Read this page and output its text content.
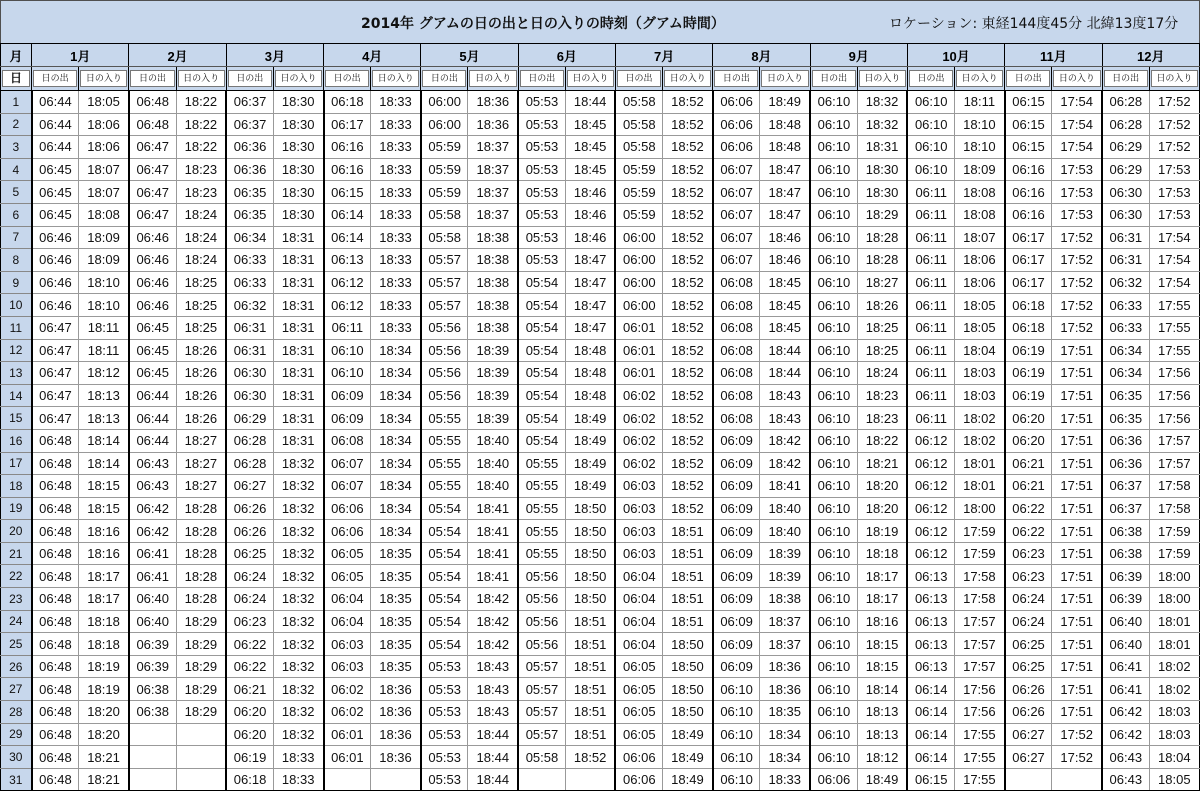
2014年 グアムの日の出と日の入りの時刻（グアム時間）	ロケーション: 東経144度45分 北緯13度17分
月	1月		2月		3月		4月		5月		6月		7月		8月		9月		10月		11月		12月	

日	日の出	日の入り	日の出	日の入り	日の出	日の入り	日の出	日の入り	日の出	日の入り	日の出	日の入り	日の出	日の入り	日の出	日の入り	日の出	日の入り	日の出	日の入り	日の出	日の入り	日の出	日の入り

1	06:44	18:05	06:48	18:22	06:37	18:30	06:18	18:33	06:00	18:36	05:53	18:44	05:58	18:52	06:06	18:49	06:10	18:32	06:10	18:11	06:15	17:54	06:28	17:52
2	06:44	18:06	06:48	18:22	06:37	18:30	06:17	18:33	06:00	18:36	05:53	18:45	05:58	18:52	06:06	18:48	06:10	18:32	06:10	18:10	06:15	17:54	06:28	17:52
3	06:44	18:06	06:47	18:22	06:36	18:30	06:16	18:33	05:59	18:37	05:53	18:45	05:58	18:52	06:06	18:48	06:10	18:31	06:10	18:10	06:15	17:54	06:29	17:52
4	06:45	18:07	06:47	18:23	06:36	18:30	06:16	18:33	05:59	18:37	05:53	18:45	05:59	18:52	06:07	18:47	06:10	18:30	06:10	18:09	06:16	17:53	06:29	17:53
5	06:45	18:07	06:47	18:23	06:35	18:30	06:15	18:33	05:59	18:37	05:53	18:46	05:59	18:52	06:07	18:47	06:10	18:30	06:11	18:08	06:16	17:53	06:30	17:53
6	06:45	18:08	06:47	18:24	06:35	18:30	06:14	18:33	05:58	18:37	05:53	18:46	05:59	18:52	06:07	18:47	06:10	18:29	06:11	18:08	06:16	17:53	06:30	17:53
7	06:46	18:09	06:46	18:24	06:34	18:31	06:14	18:33	05:58	18:38	05:53	18:46	06:00	18:52	06:07	18:46	06:10	18:28	06:11	18:07	06:17	17:52	06:31	17:54
8	06:46	18:09	06:46	18:24	06:33	18:31	06:13	18:33	05:57	18:38	05:53	18:47	06:00	18:52	06:07	18:46	06:10	18:28	06:11	18:06	06:17	17:52	06:31	17:54
9	06:46	18:10	06:46	18:25	06:33	18:31	06:12	18:33	05:57	18:38	05:54	18:47	06:00	18:52	06:08	18:45	06:10	18:27	06:11	18:06	06:17	17:52	06:32	17:54
10	06:46	18:10	06:46	18:25	06:32	18:31	06:12	18:33	05:57	18:38	05:54	18:47	06:00	18:52	06:08	18:45	06:10	18:26	06:11	18:05	06:18	17:52	06:33	17:55
11	06:47	18:11	06:45	18:25	06:31	18:31	06:11	18:33	05:56	18:38	05:54	18:47	06:01	18:52	06:08	18:45	06:10	18:25	06:11	18:05	06:18	17:52	06:33	17:55
12	06:47	18:11	06:45	18:26	06:31	18:31	06:10	18:34	05:56	18:39	05:54	18:48	06:01	18:52	06:08	18:44	06:10	18:25	06:11	18:04	06:19	17:51	06:34	17:55
13	06:47	18:12	06:45	18:26	06:30	18:31	06:10	18:34	05:56	18:39	05:54	18:48	06:01	18:52	06:08	18:44	06:10	18:24	06:11	18:03	06:19	17:51	06:34	17:56
14	06:47	18:13	06:44	18:26	06:30	18:31	06:09	18:34	05:56	18:39	05:54	18:48	06:02	18:52	06:08	18:43	06:10	18:23	06:11	18:03	06:19	17:51	06:35	17:56
15	06:47	18:13	06:44	18:26	06:29	18:31	06:09	18:34	05:55	18:39	05:54	18:49	06:02	18:52	06:08	18:43	06:10	18:23	06:11	18:02	06:20	17:51	06:35	17:56
16	06:48	18:14	06:44	18:27	06:28	18:31	06:08	18:34	05:55	18:40	05:54	18:49	06:02	18:52	06:09	18:42	06:10	18:22	06:12	18:02	06:20	17:51	06:36	17:57
17	06:48	18:14	06:43	18:27	06:28	18:32	06:07	18:34	05:55	18:40	05:55	18:49	06:02	18:52	06:09	18:42	06:10	18:21	06:12	18:01	06:21	17:51	06:36	17:57
18	06:48	18:15	06:43	18:27	06:27	18:32	06:07	18:34	05:55	18:40	05:55	18:49	06:03	18:52	06:09	18:41	06:10	18:20	06:12	18:01	06:21	17:51	06:37	17:58
19	06:48	18:15	06:42	18:28	06:26	18:32	06:06	18:34	05:54	18:41	05:55	18:50	06:03	18:52	06:09	18:40	06:10	18:20	06:12	18:00	06:22	17:51	06:37	17:58
20	06:48	18:16	06:42	18:28	06:26	18:32	06:06	18:34	05:54	18:41	05:55	18:50	06:03	18:51	06:09	18:40	06:10	18:19	06:12	17:59	06:22	17:51	06:38	17:59
21	06:48	18:16	06:41	18:28	06:25	18:32	06:05	18:35	05:54	18:41	05:55	18:50	06:03	18:51	06:09	18:39	06:10	18:18	06:12	17:59	06:23	17:51	06:38	17:59
22	06:48	18:17	06:41	18:28	06:24	18:32	06:05	18:35	05:54	18:41	05:56	18:50	06:04	18:51	06:09	18:39	06:10	18:17	06:13	17:58	06:23	17:51	06:39	18:00
23	06:48	18:17	06:40	18:28	06:24	18:32	06:04	18:35	05:54	18:42	05:56	18:50	06:04	18:51	06:09	18:38	06:10	18:17	06:13	17:58	06:24	17:51	06:39	18:00
24	06:48	18:18	06:40	18:29	06:23	18:32	06:04	18:35	05:54	18:42	05:56	18:51	06:04	18:51	06:09	18:37	06:10	18:16	06:13	17:57	06:24	17:51	06:40	18:01
25	06:48	18:18	06:39	18:29	06:22	18:32	06:03	18:35	05:54	18:42	05:56	18:51	06:04	18:50	06:09	18:37	06:10	18:15	06:13	17:57	06:25	17:51	06:40	18:01
26	06:48	18:19	06:39	18:29	06:22	18:32	06:03	18:35	05:53	18:43	05:57	18:51	06:05	18:50	06:09	18:36	06:10	18:15	06:13	17:57	06:25	17:51	06:41	18:02
27	06:48	18:19	06:38	18:29	06:21	18:32	06:02	18:36	05:53	18:43	05:57	18:51	06:05	18:50	06:10	18:36	06:10	18:14	06:14	17:56	06:26	17:51	06:41	18:02
28	06:48	18:20	06:38	18:29	06:20	18:32	06:02	18:36	05:53	18:43	05:57	18:51	06:05	18:50	06:10	18:35	06:10	18:13	06:14	17:56	06:26	17:51	06:42	18:03
29	06:48	18:20			06:20	18:32	06:01	18:36	05:53	18:44	05:57	18:51	06:05	18:49	06:10	18:34	06:10	18:13	06:14	17:55	06:27	17:52	06:42	18:03
30	06:48	18:21			06:19	18:33	06:01	18:36	05:53	18:44	05:58	18:52	06:06	18:49	06:10	18:34	06:10	18:12	06:14	17:55	06:27	17:52	06:43	18:04
31	06:48	18:21			06:18	18:33			05:53	18:44			06:06	18:49	06:10	18:33	06:06	18:49	06:15	17:55			06:43	18:05
